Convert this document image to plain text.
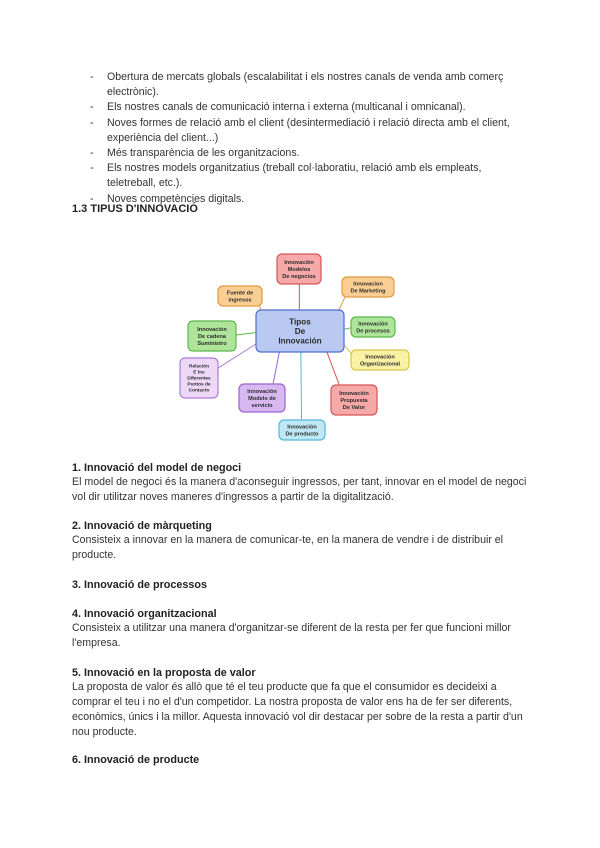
- Obertura de mercats globals (escalabilitat i els nostres canals de venda amb comerç electrònic).
- Els nostres canals de comunicació interna i externa (multicanal i omnicanal).
- Noves formes de relació amb el client (desintermediació i relació directa amb el client, experiència del client...)
- Més transparència de les organitzacions.
- Els nostres models organitzatius (treball col·laboratiu, relació amb els empleats, teletreball, etc.).
- Noves competències digitals.
1.3 TIPUS D'INNOVACIÓ
Innovación
Modelos
De negocios
Innovacion
De Marketing
Innovación
De procesos
Innovación
Organizacional
Innovación
Propuesta
De Valor
Innovación
De producto
Innovación
Modelo de
servicio
Relación
E los
Diferentes
Puntos de
Contacto
Innovación
De cadena
Suministro
Fuente de
ingresos
Tipos
De
Innovación
1. Innovació del model de negoci

El model de negoci és la manera d'aconseguir ingressos, per tant, innovar en el model de negoci vol dir utilitzar noves maneres d'ingressos a partir de la digitalització.

2. Innovació de màrqueting

Consisteix a innovar en la manera de comunicar-te, en la manera de vendre i de distribuir el producte.

3. Innovació de processos
4. Innovació organitzacional

Consisteix a utilitzar una manera d'organitzar-se diferent de la resta per fer que funcioni millor l'empresa.

5. Innovació en la proposta de valor

La proposta de valor és allò que té el teu producte que fa que el consumidor es decideixi a comprar el teu i no el d'un competidor. La nostra proposta de valor ens ha de fer ser diferents, econòmics, únics i la millor. Aquesta innovació vol dir destacar per sobre de la resta a partir d'un nou producte.

6. Innovació de producte
